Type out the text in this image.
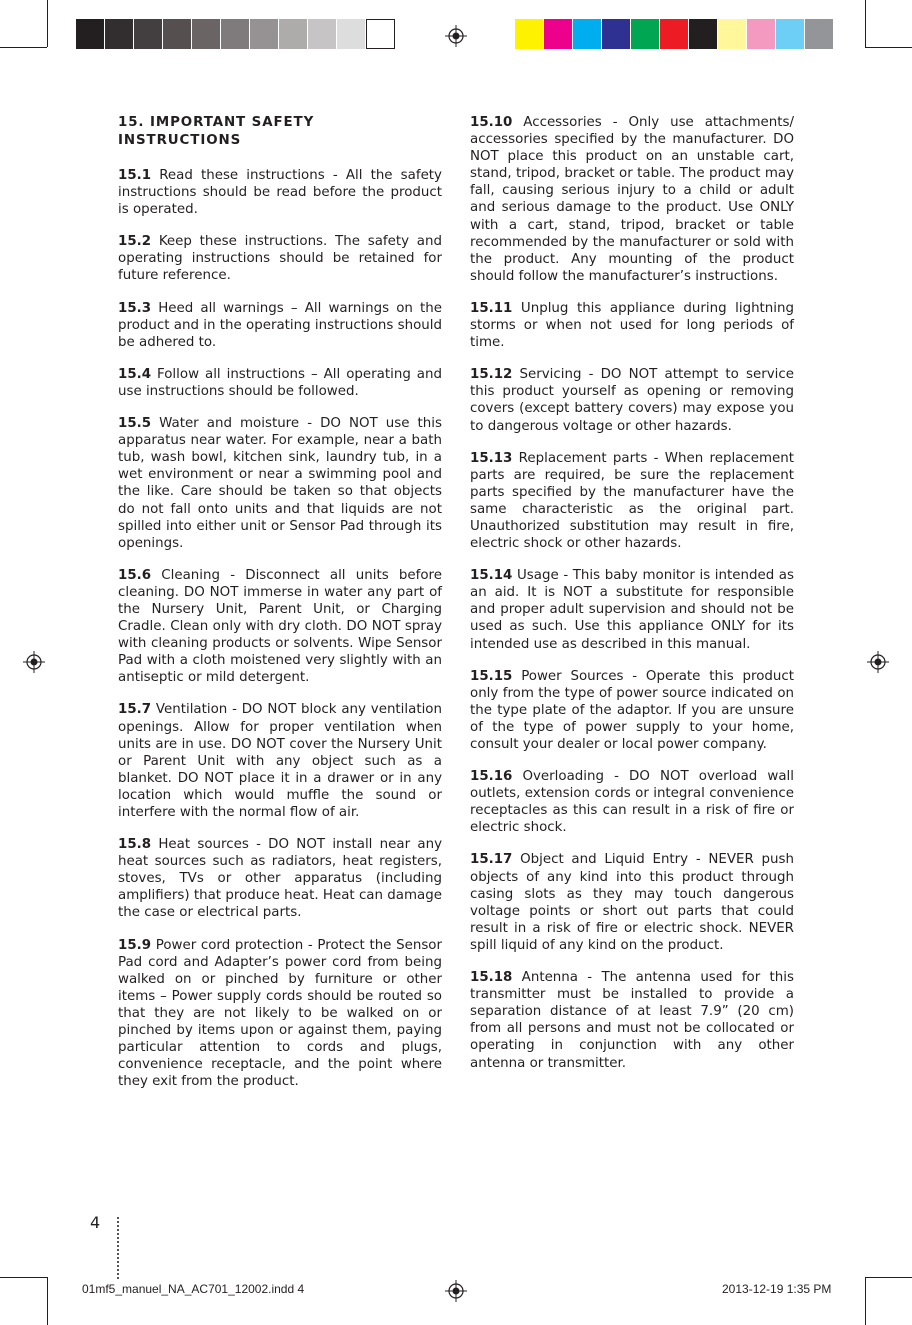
15. IMPORTANT SAFETY INSTRUCTIONS

15.1 Read these instructions - All the safety instructions should be read before the product is operated.

15.2 Keep these instructions. The safety and operating instructions should be retained for future reference.

15.3 Heed all warnings – All warnings on the product and in the operating instructions should be adhered to.

15.4 Follow all instructions – All operating and use instructions should be followed.

15.5 Water and moisture - DO NOT use this apparatus near water. For example, near a bath tub, wash bowl, kitchen sink, laundry tub, in a wet environment or near a swimming pool and the like. Care should be taken so that objects do not fall onto units and that liquids are not spilled into either unit or Sensor Pad through its openings.

15.6 Cleaning - Disconnect all units before cleaning. DO NOT immerse in water any part of the Nursery Unit, Parent Unit, or Charging Cradle. Clean only with dry cloth. DO NOT spray with cleaning products or solvents. Wipe Sensor Pad with a cloth moistened very slightly with an antiseptic or mild detergent.

15.7 Ventilation - DO NOT block any ventilation openings. Allow for proper ventilation when units are in use. DO NOT cover the Nursery Unit or Parent Unit with any object such as a blanket. DO NOT place it in a drawer or in any location which would muffle the sound or interfere with the normal flow of air.

15.8 Heat sources - DO NOT install near any heat sources such as radiators, heat registers, stoves, TVs or other apparatus (including amplifiers) that produce heat. Heat can damage the case or electrical parts.

15.9 Power cord protection - Protect the Sensor Pad cord and Adapter’s power cord from being walked on or pinched by furniture or other items – Power supply cords should be routed so that they are not likely to be walked on or pinched by items upon or against them, paying particular attention to cords and plugs, convenience receptacle, and the point where they exit from the product.

15.10 Accessories - Only use attachments/ accessories specified by the manufacturer. DO NOT place this product on an unstable cart, stand, tripod, bracket or table. The product may fall, causing serious injury to a child or adult and serious damage to the product. Use ONLY with a cart, stand, tripod, bracket or table recommended by the manufacturer or sold with the product. Any mounting of the product should follow the manufacturer’s instructions.

15.11 Unplug this appliance during lightning storms or when not used for long periods of time.

15.12 Servicing - DO NOT attempt to service this product yourself as opening or removing covers (except battery covers) may expose you to dangerous voltage or other hazards.

15.13 Replacement parts - When replacement parts are required, be sure the replacement parts specified by the manufacturer have the same characteristic as the original part. Unauthorized substitution may result in fire, electric shock or other hazards.

15.14 Usage - This baby monitor is intended as an aid. It is NOT a substitute for responsible and proper adult supervision and should not be used as such. Use this appliance ONLY for its intended use as described in this manual.

15.15 Power Sources - Operate this product only from the type of power source indicated on the type plate of the adaptor. If you are unsure of the type of power supply to your home, consult your dealer or local power company.

15.16 Overloading - DO NOT overload wall outlets, extension cords or integral convenience receptacles as this can result in a risk of fire or electric shock.

15.17 Object and Liquid Entry - NEVER push objects of any kind into this product through casing slots as they may touch dangerous voltage points or short out parts that could result in a risk of fire or electric shock. NEVER spill liquid of any kind on the product.

15.18 Antenna - The antenna used for this transmitter must be installed to provide a separation distance of at least 7.9” (20 cm) from all persons and must not be collocated or operating in conjunction with any other antenna or transmitter.

4
01mf5_manuel_NA_AC701_12002.indd 4	2013-12-19 1:35 PM
